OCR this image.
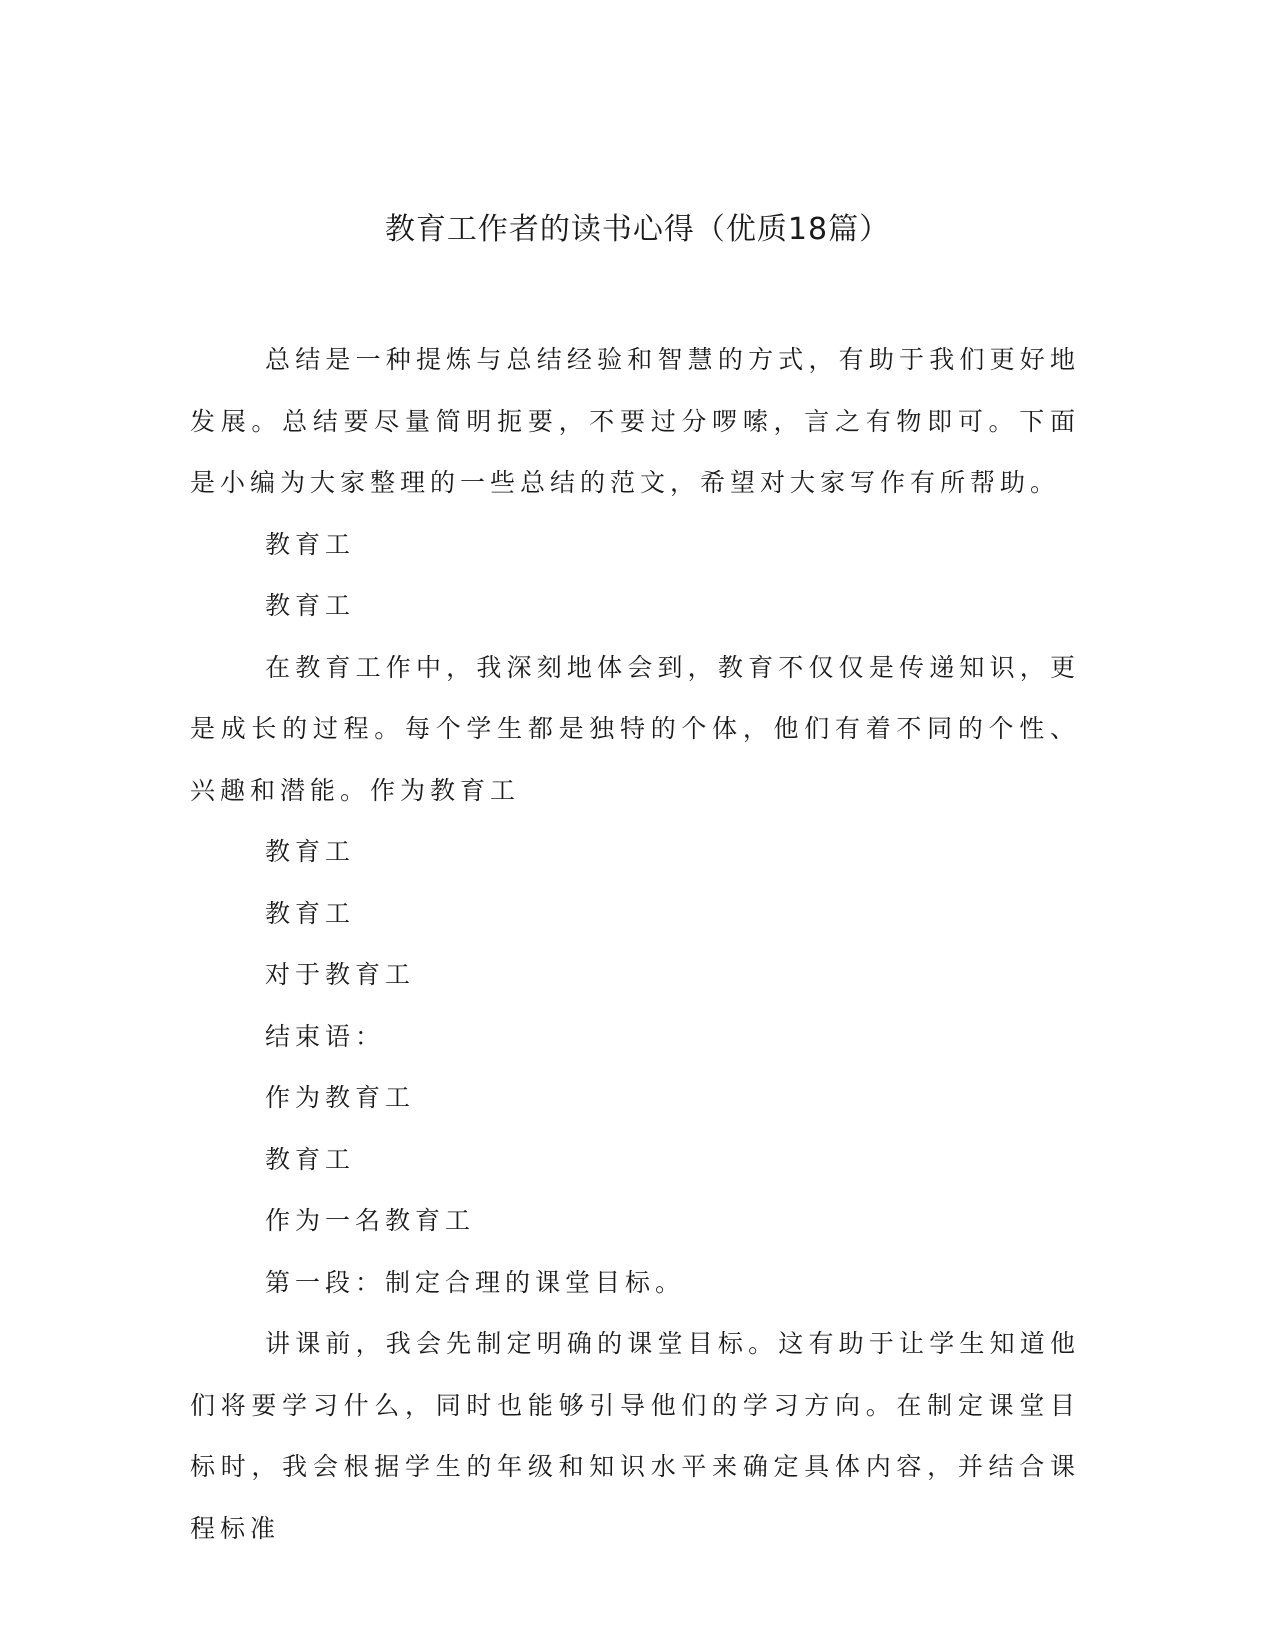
教育工作者的读书心得（优质18篇）

总结是一种提炼与总结经验和智慧的方式，有助于我们更好地发展。总结要尽量简明扼要，不要过分啰嗦，言之有物即可。下面是小编为大家整理的一些总结的范文，希望对大家写作有所帮助。

教育工

教育工

在教育工作中，我深刻地体会到，教育不仅仅是传递知识，更是成长的过程。每个学生都是独特的个体，他们有着不同的个性、兴趣和潜能。作为教育工

教育工

教育工

对于教育工

结束语：

作为教育工

教育工

作为一名教育工

第一段：制定合理的课堂目标。

讲课前，我会先制定明确的课堂目标。这有助于让学生知道他们将要学习什么，同时也能够引导他们的学习方向。在制定课堂目标时，我会根据学生的年级和知识水平来确定具体内容，并结合课程标准
